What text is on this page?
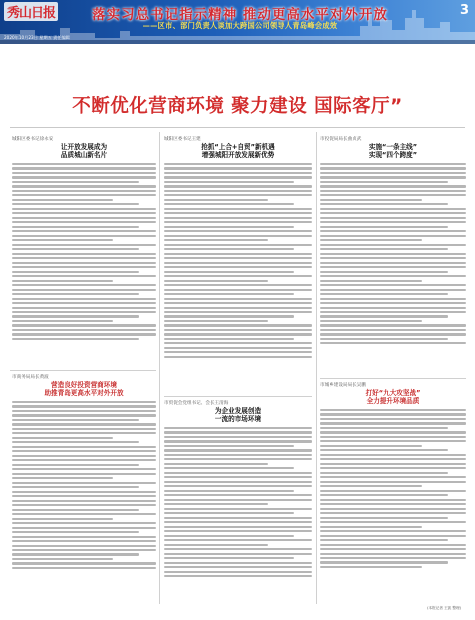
秀山日报	落实习总书记指示精神 推动更高水平对外开放
——区市、部门负责人谈加大跨国公司领导人青岛峰会成效
3
2020年10月23日 星期五 责任编辑
不断优化营商环境 聚力建设 国际客厅”
城阳区委书记徐永安
让开放发展成为
品质城山新名片
城阳区委书记王建
抢抓“上合+自贸”新机遇
增强城阳开放发展新优势
市投促局局长曲贞武
实施“一条主线”
实现“四个跨度”
市商务局局长黄波
营造良好投资营商环境
助推青岛更高水平对外开放
市贸促会党组书记、会长王清海
为企业发展创造
一流的市场环境
市城乡建设局局长吴鹏
打好“九大攻坚战”
全力提升环境品质
(本报记者 王凯 整理)
